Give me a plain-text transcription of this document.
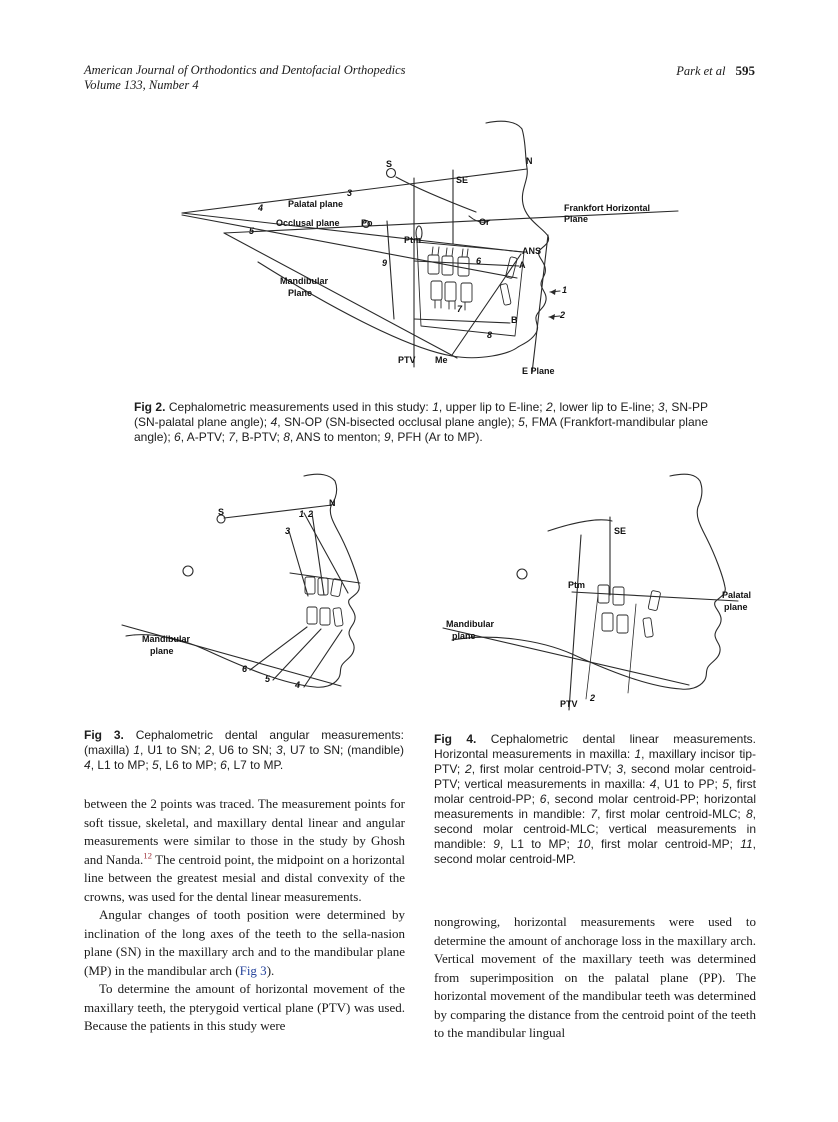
American Journal of Orthodontics and Dentofacial Orthopedics
Volume 133, Number 4
Park et al 595
S	N
SE
3
Palatal plane
4	Frankfort Horizontal
Plane
Occlusal plane Po	Or
5
Ptm
ANS
A
9	6
1
Mandibular
Plane
7
2
B
8
PTV Me
E Plane
Fig 2. Cephalometric measurements used in this study: 1, upper lip to E-line; 2, lower lip to E-line; 3, SN-PP (SN-palatal plane angle); 4, SN-OP (SN-bisected occlusal plane angle); 5, FMA (Frankfort-mandibular plane angle); 6, A-PTV; 7, B-PTV; 8, ANS to menton; 9, PFH (Ar to MP).
S	1 2
N
3
Mandibular
plane
6
5
4
Fig 3. Cephalometric dental angular measurements: (maxilla) 1, U1 to SN; 2, U6 to SN; 3, U7 to SN; (mandible) 4, L1 to MP; 5, L6 to MP; 6, L7 to MP.
SE
Ptm
Palatal
plane
Mandibular
plane
2
PTV
Fig 4. Cephalometric dental linear measurements. Horizontal measurements in maxilla: 1, maxillary incisor tip-PTV; 2, first molar centroid-PTV; 3, second molar centroid-PTV; vertical measurements in maxilla: 4, U1 to PP; 5, first molar centroid-PP; 6, second molar centroid-PP; horizontal measurements in mandible: 7, first molar centroid-MLC; 8, second molar centroid-MLC; vertical measurements in mandible: 9, L1 to MP; 10, first molar centroid-MP; 11, second molar centroid-MP.

between the 2 points was traced. The measurement points for soft tissue, skeletal, and maxillary dental linear and angular measurements were similar to those in the study by Ghosh and Nanda.$^{12}$ The centroid point, the midpoint on a horizontal line between the greatest mesial and distal convexity of the crowns, was used for the dental linear measurements.

Angular changes of tooth position were determined by inclination of the long axes of the teeth to the sella-nasion plane (SN) in the maxillary arch and to the mandibular plane (MP) in the mandibular arch (Fig 3).

To determine the amount of horizontal movement of the maxillary teeth, the pterygoid vertical plane (PTV) was used. Because the patients in this study were

nongrowing, horizontal measurements were used to determine the amount of anchorage loss in the maxillary arch. Vertical movement of the maxillary teeth was determined from superimposition on the palatal plane (PP). The horizontal movement of the mandibular teeth was determined by comparing the distance from the centroid point of the teeth to the mandibular lingual
